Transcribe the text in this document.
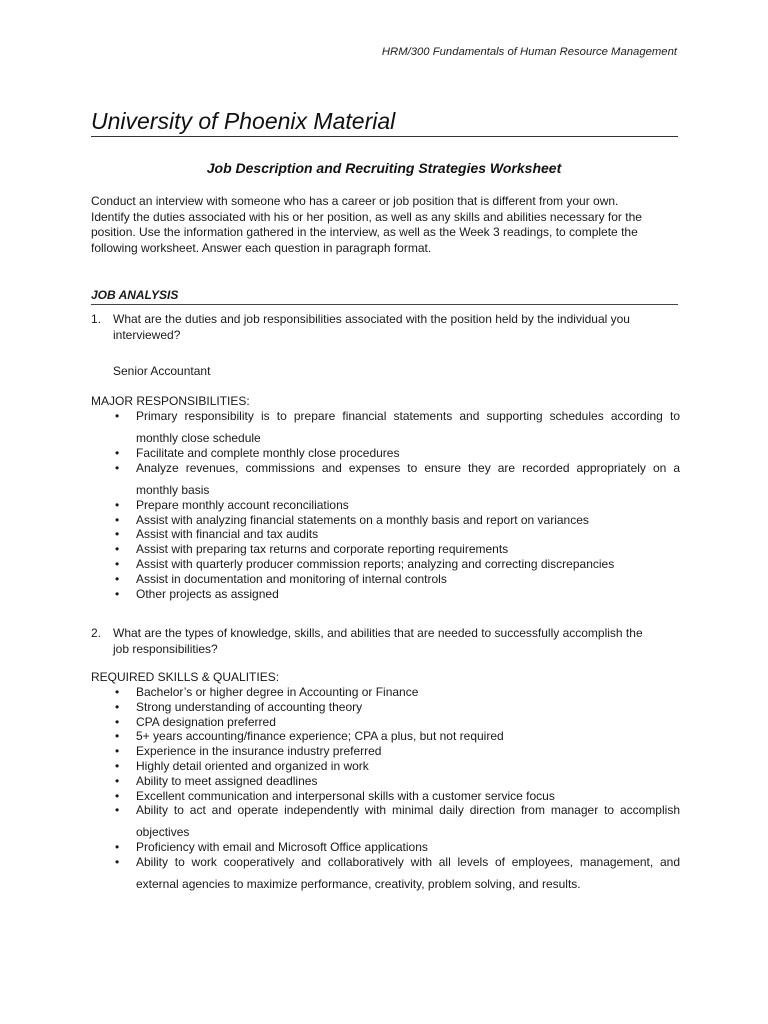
HRM/300 Fundamentals of Human Resource Management
University of Phoenix Material
Job Description and Recruiting Strategies Worksheet
Conduct an interview with someone who has a career or job position that is different from your own.
Identify the duties associated with his or her position, as well as any skills and abilities necessary for the
position. Use the information gathered in the interview, as well as the Week 3 readings, to complete the
following worksheet. Answer each question in paragraph format.
JOB ANALYSIS
1. What are the duties and job responsibilities associated with the position held by the individual you
interviewed?
Senior Accountant
MAJOR RESPONSIBILITIES:
• Primary responsibility is to prepare financial statements and supporting schedules according to
monthly close schedule
• Facilitate and complete monthly close procedures
• Analyze revenues, commissions and expenses to ensure they are recorded appropriately on a
monthly basis
• Prepare monthly account reconciliations
• Assist with analyzing financial statements on a monthly basis and report on variances
• Assist with financial and tax audits
• Assist with preparing tax returns and corporate reporting requirements
• Assist with quarterly producer commission reports; analyzing and correcting discrepancies
• Assist in documentation and monitoring of internal controls
• Other projects as assigned
2. What are the types of knowledge, skills, and abilities that are needed to successfully accomplish the
job responsibilities?
REQUIRED SKILLS & QUALITIES:
• Bachelor’s or higher degree in Accounting or Finance
• Strong understanding of accounting theory
• CPA designation preferred
• 5+ years accounting/finance experience; CPA a plus, but not required
• Experience in the insurance industry preferred
• Highly detail oriented and organized in work
• Ability to meet assigned deadlines
• Excellent communication and interpersonal skills with a customer service focus
• Ability to act and operate independently with minimal daily direction from manager to accomplish
objectives
• Proficiency with email and Microsoft Office applications
• Ability to work cooperatively and collaboratively with all levels of employees, management, and
external agencies to maximize performance, creativity, problem solving, and results.
